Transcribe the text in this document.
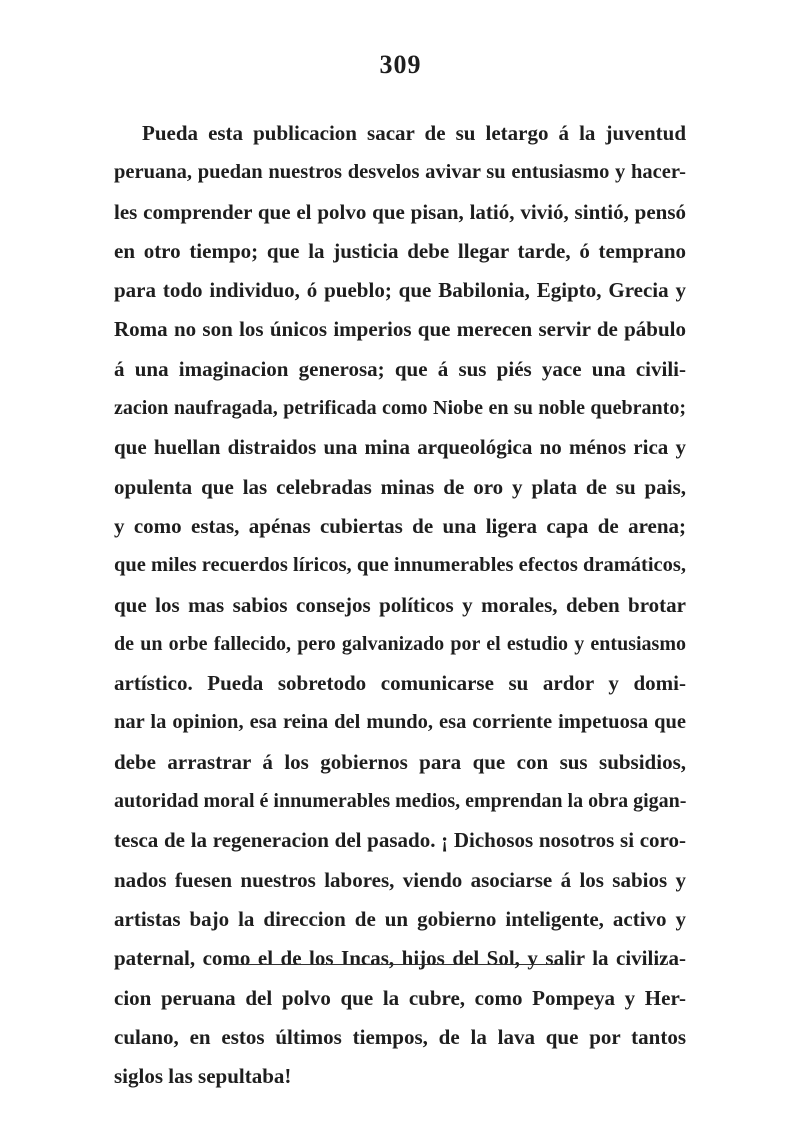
309
Pueda esta publicacion sacar de su letargo á la juventud
peruana, puedan nuestros desvelos avivar su entusiasmo y hacer-
les comprender que el polvo que pisan, latió, vivió, sintió, pensó
en otro tiempo; que la justicia debe llegar tarde, ó temprano
para todo individuo, ó pueblo; que Babilonia, Egipto, Grecia y
Roma no son los únicos imperios que merecen servir de pábulo
á una imaginacion generosa; que á sus piés yace una civili-
zacion naufragada, petrificada como Niobe en su noble quebranto;
que huellan distraidos una mina arqueológica no ménos rica y
opulenta que las celebradas minas de oro y plata de su pais,
y como estas, apénas cubiertas de una ligera capa de arena;
que miles recuerdos líricos, que innumerables efectos dramáticos,
que los mas sabios consejos políticos y morales, deben brotar
de un orbe fallecido, pero galvanizado por el estudio y entusiasmo
artístico. Pueda sobretodo comunicarse su ardor y domi-
nar la opinion, esa reina del mundo, esa corriente impetuosa que
debe arrastrar á los gobiernos para que con sus subsidios,
autoridad moral é innumerables medios, emprendan la obra gigan-
tesca de la regeneracion del pasado. ¡ Dichosos nosotros si coro-
nados fuesen nuestros labores, viendo asociarse á los sabios y
artistas bajo la direccion de un gobierno inteligente, activo y
paternal, como el de los Incas, hijos del Sol, y salir la civiliza-
cion peruana del polvo que la cubre, como Pompeya y Her-
culano, en estos últimos tiempos, de la lava que por tantos
siglos las sepultaba!
